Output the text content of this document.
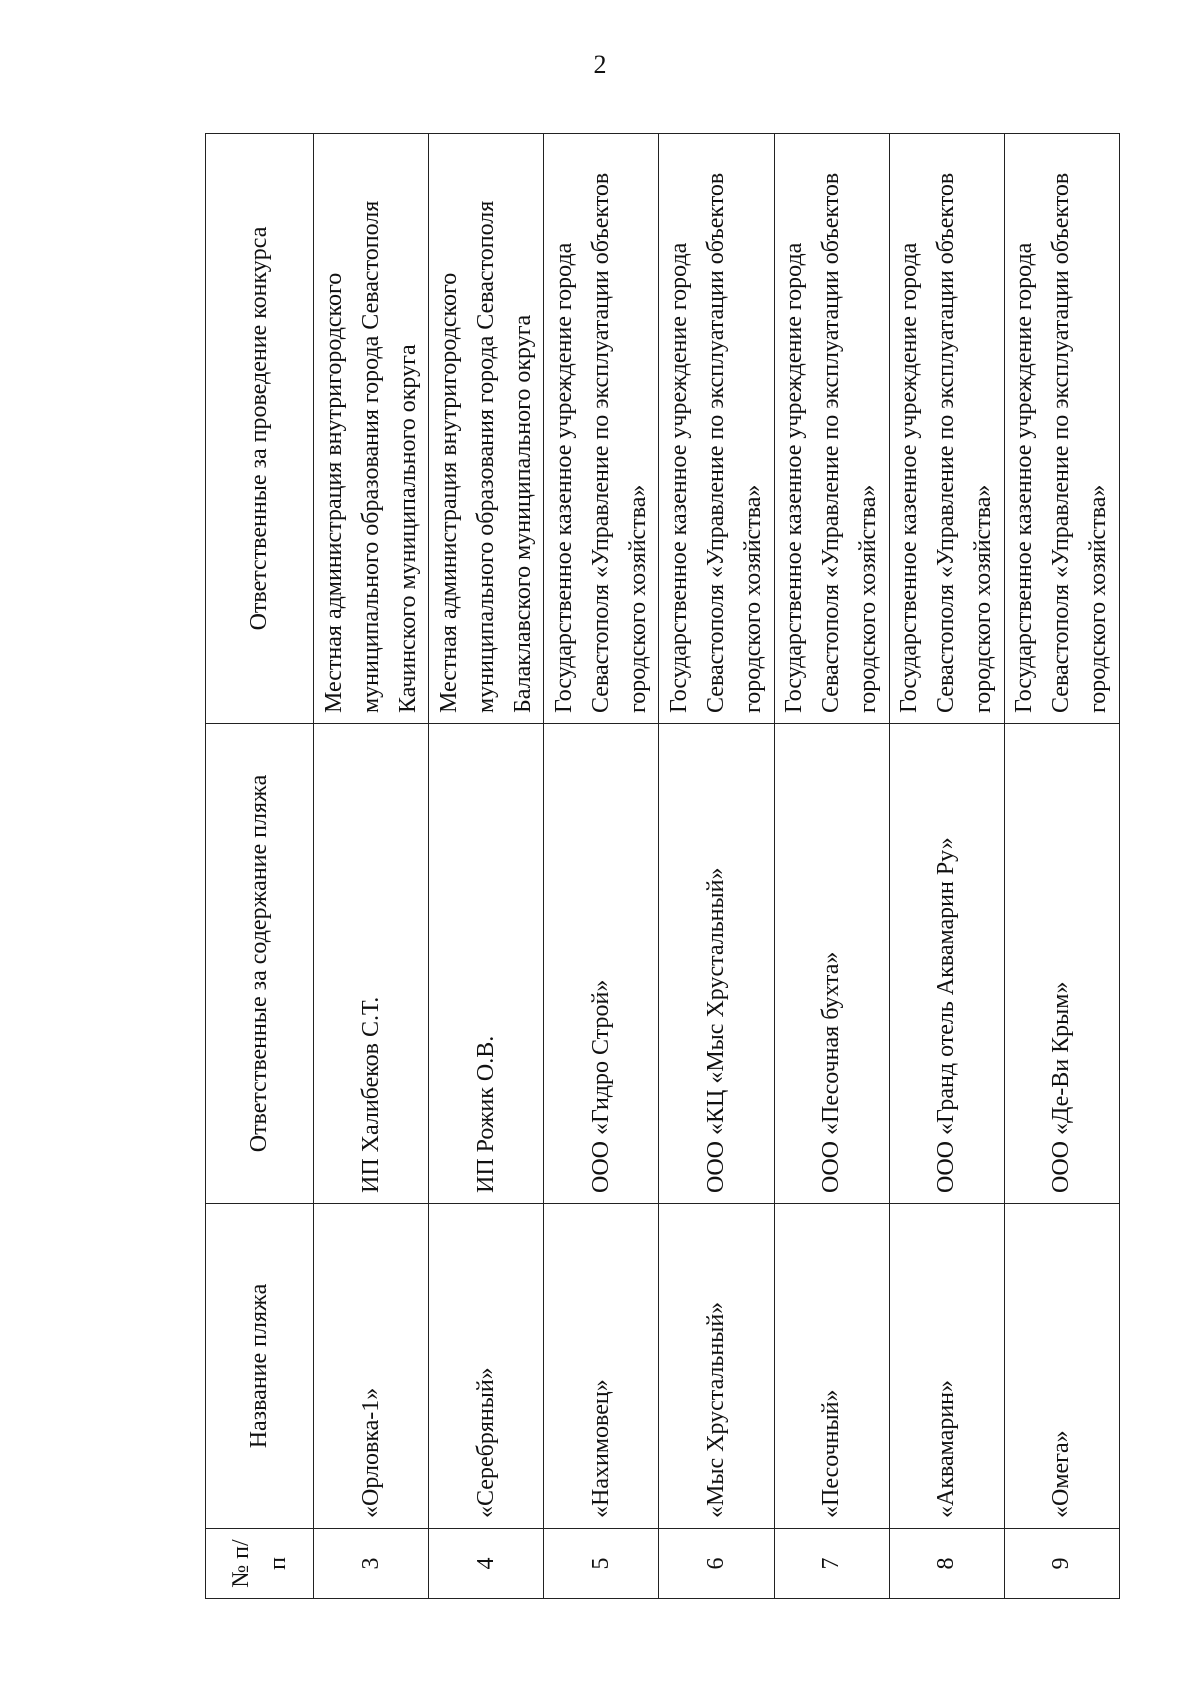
2
№ п/п	Название пляжа	Ответственные за содержание пляжа	Ответственные за проведение конкурса
3	«Орловка-1»	ИП Халибеков С.Т.	Местная администрация внутригородского муниципального образования города Севастополя Качинского муниципального округа
4	«Серебряный»	ИП Рожик О.В.	Местная администрация внутригородского муниципального образования города Севастополя Балаклавского муниципального округа
5	«Нахимовец»	ООО «Гидро Строй»	Государственное казенное учреждение города Севастополя «Управление по эксплуатации объектов городского хозяйства»
6	«Мыс Хрустальный»	ООО «КЦ «Мыс Хрустальный»	Государственное казенное учреждение города Севастополя «Управление по эксплуатации объектов городского хозяйства»
7	«Песочный»	ООО «Песочная бухта»	Государственное казенное учреждение города Севастополя «Управление по эксплуатации объектов городского хозяйства»
8	«Аквамарин»	ООО «Гранд отель Аквамарин Ру»	Государственное казенное учреждение города Севастополя «Управление по эксплуатации объектов городского хозяйства»
9	«Омега»	ООО «Де-Ви Крым»	Государственное казенное учреждение города Севастополя «Управление по эксплуатации объектов городского хозяйства»
